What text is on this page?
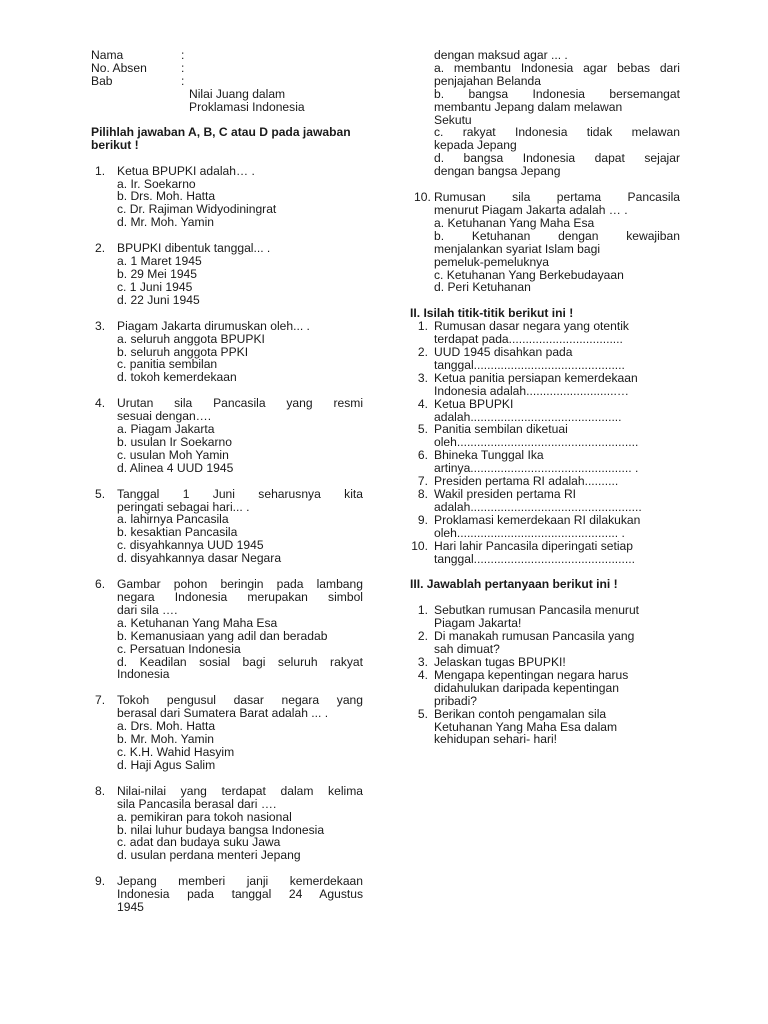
Nama	:
No. Absen	:
Bab	:
Nilai Juang dalam
Proklamasi Indonesia
Pilihlah jawaban A, B, C atau D pada jawaban berikut !
1. Ketua BPUPKI adalah… .
a. Ir. Soekarno
b. Drs. Moh. Hatta
c. Dr. Rajiman Widyodiningrat
d. Mr. Moh. Yamin
2. BPUPKI dibentuk tanggal... .
a. 1 Maret 1945
b. 29 Mei 1945
c. 1 Juni 1945
d. 22 Juni 1945
3. Piagam Jakarta dirumuskan oleh... .
a. seluruh anggota BPUPKI
b. seluruh anggota PPKI
c. panitia sembilan
d. tokoh kemerdekaan
4. Urutan sila Pancasila yang resmi
sesuai dengan….
a. Piagam Jakarta
b. usulan Ir Soekarno
c. usulan Moh Yamin
d. Alinea 4 UUD 1945
5. Tanggal 1 Juni seharusnya kita
peringati sebagai hari... .
a. lahirnya Pancasila
b. kesaktian Pancasila
c. disyahkannya UUD 1945
d. disyahkannya dasar Negara
6. Gambar pohon beringin pada lambang
negara Indonesia merupakan simbol
dari sila ….
a. Ketuhanan Yang Maha Esa
b. Kemanusiaan yang adil dan beradab
c. Persatuan Indonesia
d. Keadilan sosial bagi seluruh rakyat
Indonesia
7. Tokoh pengusul dasar negara yang
berasal dari Sumatera Barat adalah ... .
a. Drs. Moh. Hatta
b. Mr. Moh. Yamin
c. K.H. Wahid Hasyim
d. Haji Agus Salim
8. Nilai-nilai yang terdapat dalam kelima
sila Pancasila berasal dari ….
a. pemikiran para tokoh nasional
b. nilai luhur budaya bangsa Indonesia
c. adat dan budaya suku Jawa
d. usulan perdana menteri Jepang
9. Jepang memberi janji kemerdekaan
Indonesia pada tanggal 24 Agustus
1945
dengan maksud agar ... .
a. membantu Indonesia agar bebas dari
penjajahan Belanda
b. bangsa Indonesia bersemangat
membantu Jepang dalam melawan
Sekutu
c. rakyat Indonesia tidak melawan
kepada Jepang
d. bangsa Indonesia dapat sejajar
dengan bangsa Jepang
10. Rumusan sila pertama Pancasila
menurut Piagam Jakarta adalah … .
a. Ketuhanan Yang Maha Esa
b. Ketuhanan dengan kewajiban
menjalankan syariat Islam bagi
pemeluk-pemeluknya
c. Ketuhanan Yang Berkebudayaan
d. Peri Ketuhanan
II. Isilah titik-titik berikut ini !
1. Rumusan dasar negara yang otentik
terdapat pada..................................
2. UUD 1945 disahkan pada
tanggal.............................................
3. Ketua panitia persiapan kemerdekaan
Indonesia adalah...........................…
4. Ketua BPUPKI
adalah.............................................
5. Panitia sembilan diketuai
oleh......................................................
6. Bhineka Tunggal Ika
artinya................................................ .
7. Presiden pertama RI adalah..........
8. Wakil presiden pertama RI
adalah...................................................
9. Proklamasi kemerdekaan RI dilakukan
oleh................................................ .
10. Hari lahir Pancasila diperingati setiap
tanggal................................................
III. Jawablah pertanyaan berikut ini !
1. Sebutkan rumusan Pancasila menurut
Piagam Jakarta!
2. Di manakah rumusan Pancasila yang
sah dimuat?
3. Jelaskan tugas BPUPKI!
4. Mengapa kepentingan negara harus
didahulukan daripada kepentingan
pribadi?
5. Berikan contoh pengamalan sila
Ketuhanan Yang Maha Esa dalam
kehidupan sehari- hari!
